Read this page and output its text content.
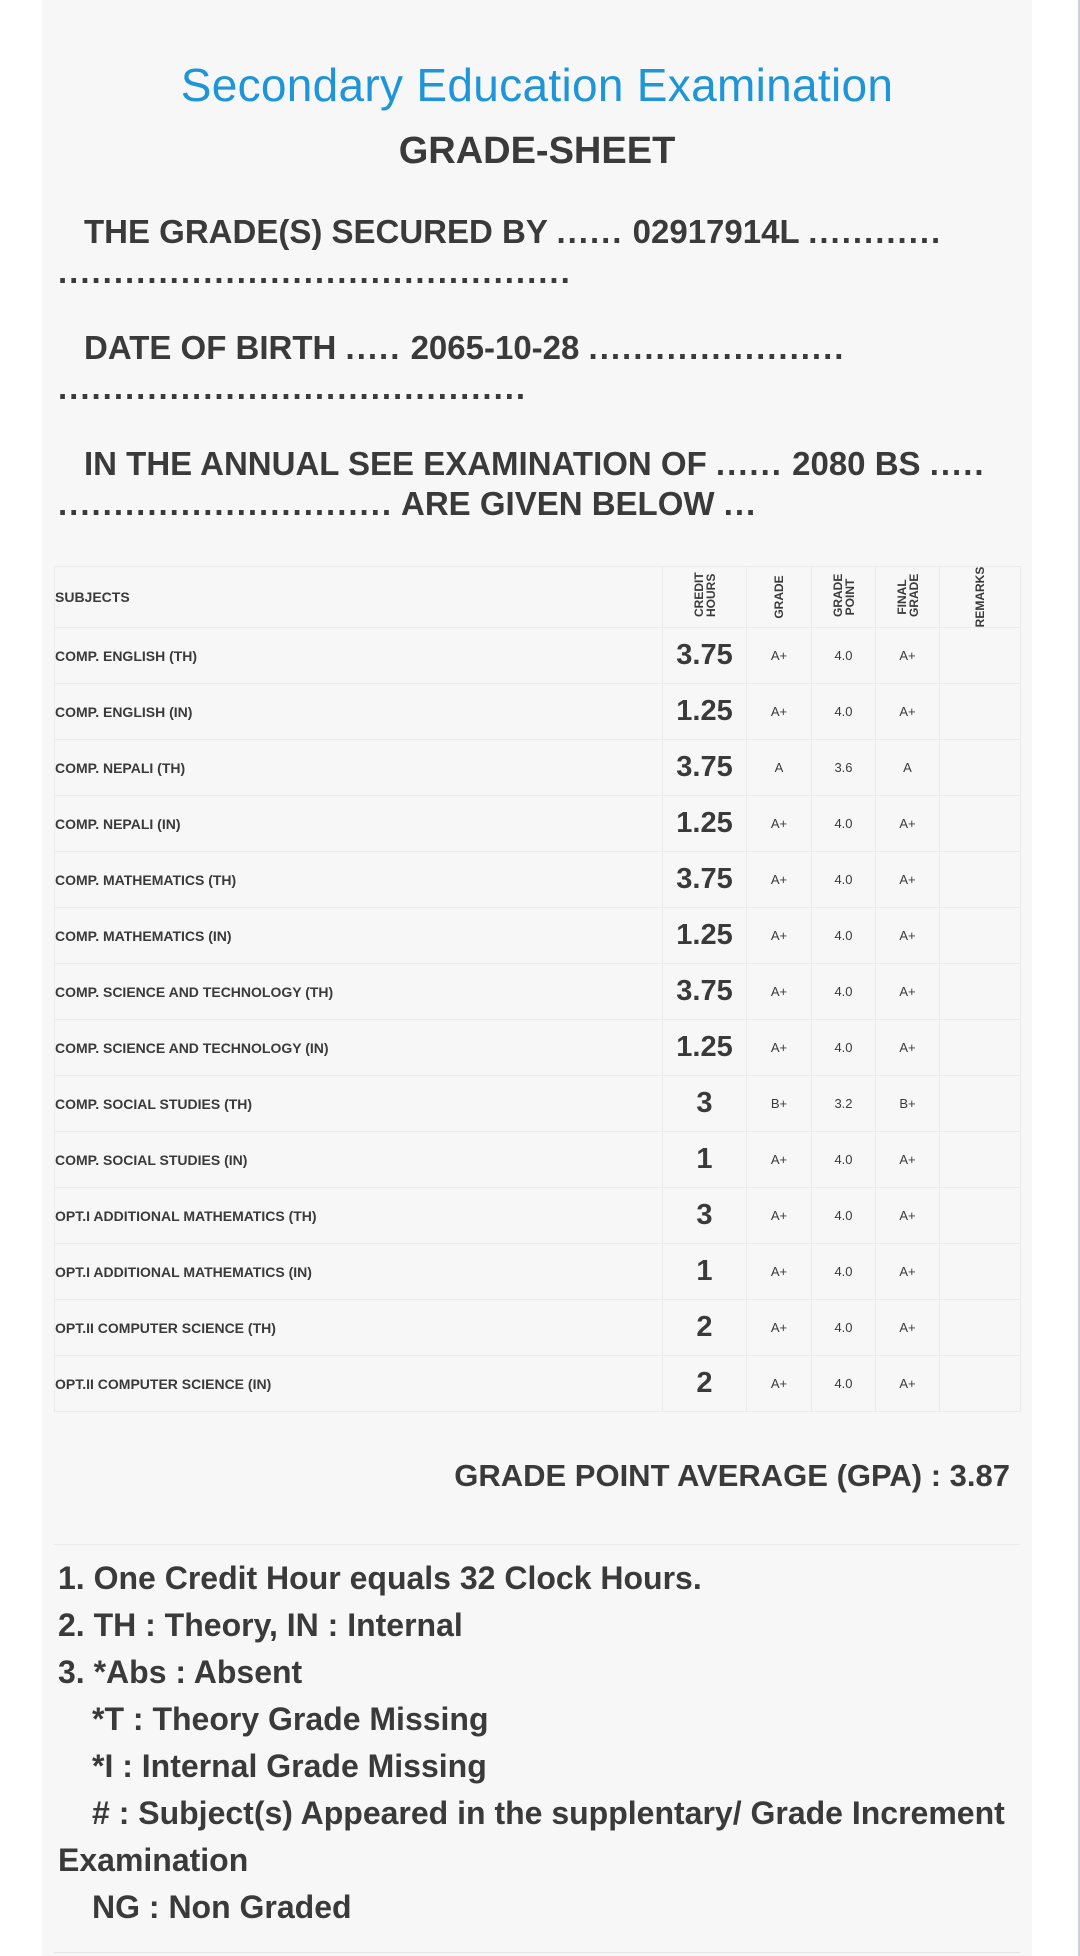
Secondary Education Examination
GRADE-SHEET
THE GRADE(S) SECURED BY ...... 02917914L ............
..............................................
DATE OF BIRTH ..... 2065-10-28 .......................
..........................................
IN THE ANNUAL SEE EXAMINATION OF ...... 2080 BS .....
.............................. ARE GIVEN BELOW ...
SUBJECTS	CREDIT HOURS	GRADE	GRADE POINT	FINAL GRADE	REMARKS

COMP. ENGLISH (TH)	3.75	A+	4.0	A+	
COMP. ENGLISH (IN)	1.25	A+	4.0	A+	
COMP. NEPALI (TH)	3.75	A	3.6	A	
COMP. NEPALI (IN)	1.25	A+	4.0	A+	
COMP. MATHEMATICS (TH)	3.75	A+	4.0	A+	
COMP. MATHEMATICS (IN)	1.25	A+	4.0	A+	
COMP. SCIENCE AND TECHNOLOGY (TH)	3.75	A+	4.0	A+	
COMP. SCIENCE AND TECHNOLOGY (IN)	1.25	A+	4.0	A+	
COMP. SOCIAL STUDIES (TH)	3	B+	3.2	B+	
COMP. SOCIAL STUDIES (IN)	1	A+	4.0	A+	
OPT.I ADDITIONAL MATHEMATICS (TH)	3	A+	4.0	A+	
OPT.I ADDITIONAL MATHEMATICS (IN)	1	A+	4.0	A+	
OPT.II COMPUTER SCIENCE (TH)	2	A+	4.0	A+	
OPT.II COMPUTER SCIENCE (IN)	2	A+	4.0	A+	
GRADE POINT AVERAGE (GPA) : 3.87
1. One Credit Hour equals 32 Clock Hours.
2. TH : Theory, IN : Internal
3. *Abs : Absent
*T : Theory Grade Missing
*I : Internal Grade Missing
# : Subject(s) Appeared in the supplentary/ Grade Increment
Examination
NG : Non Graded
